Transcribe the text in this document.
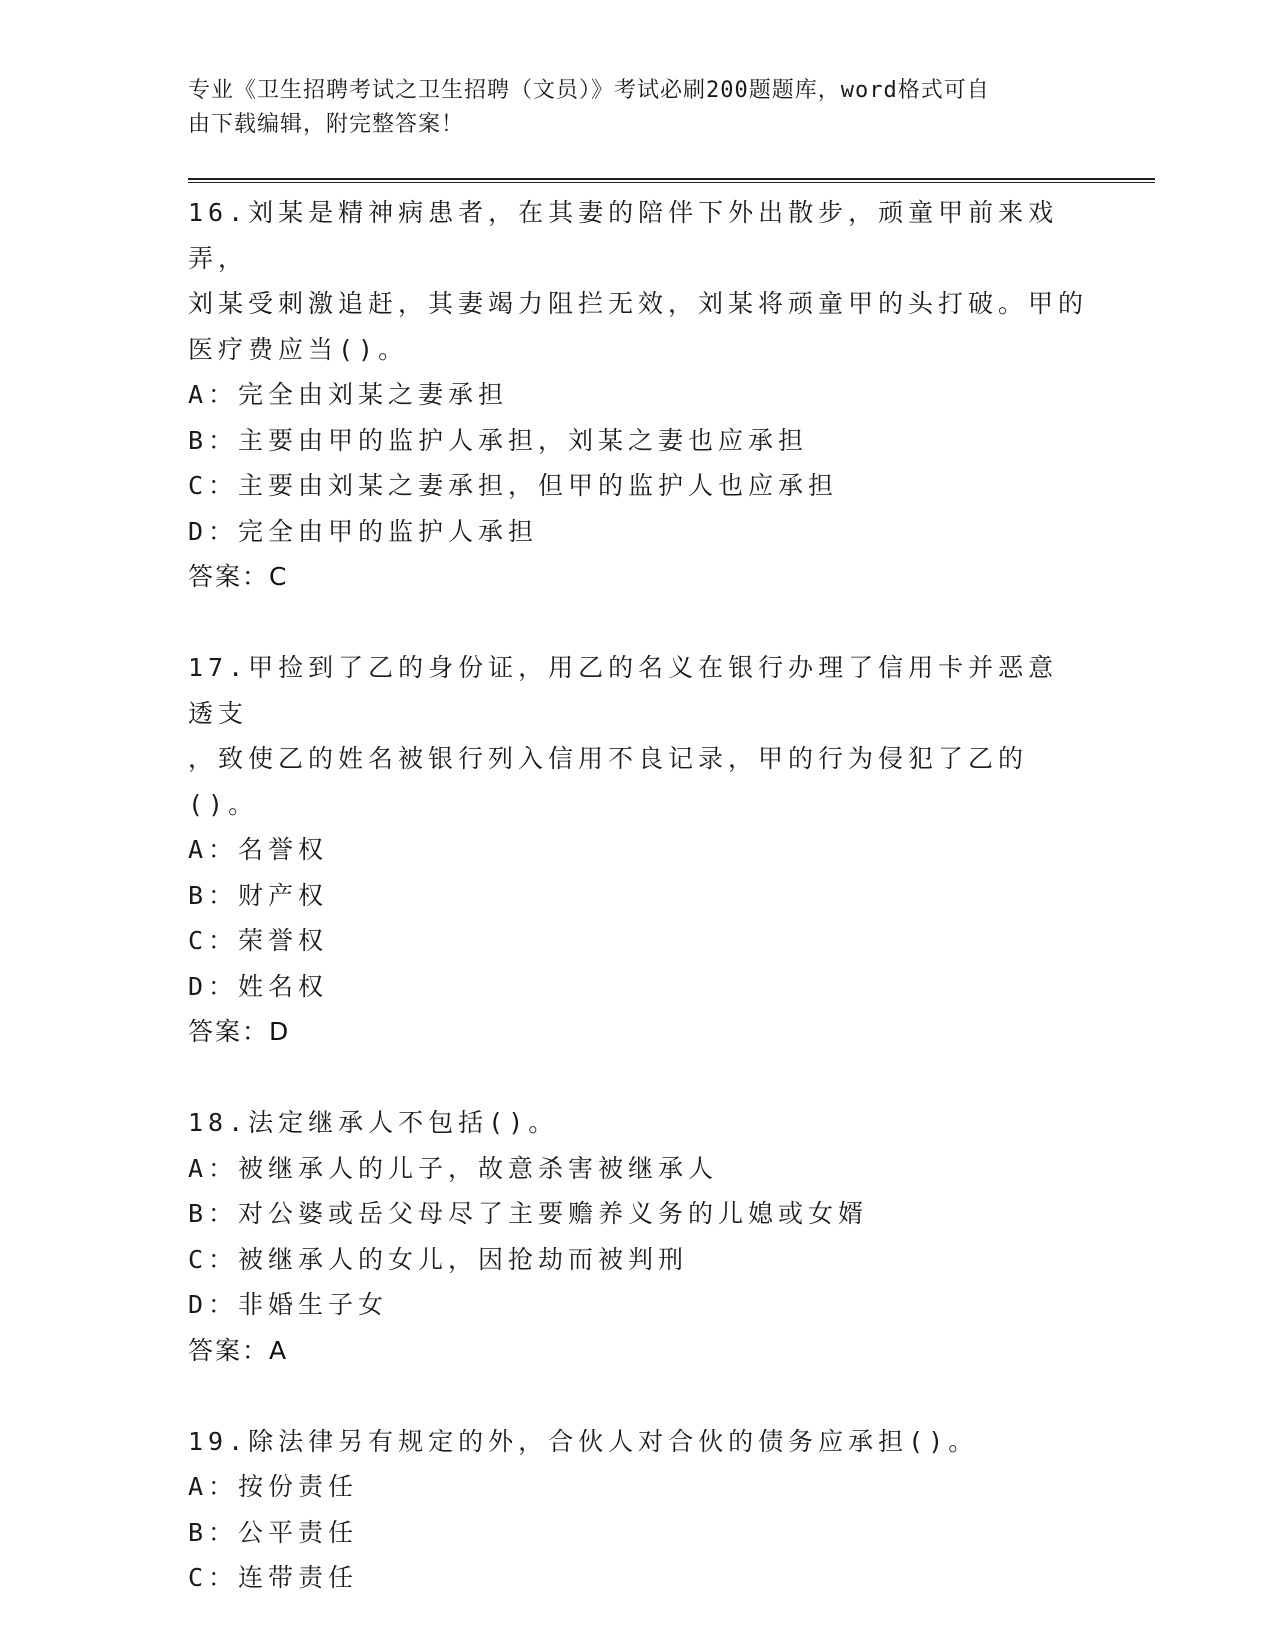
专业《卫生招聘考试之卫生招聘（文员）》考试必刷200题题库，word格式可自
由下载编辑，附完整答案！

16.刘某是精神病患者，在其妻的陪伴下外出散步，顽童甲前来戏弄，

刘某受刺激追赶，其妻竭力阻拦无效，刘某将顽童甲的头打破。甲的

医疗费应当()。

A：完全由刘某之妻承担

B：主要由甲的监护人承担，刘某之妻也应承担

C：主要由刘某之妻承担，但甲的监护人也应承担

D：完全由甲的监护人承担

答案：C

17.甲捡到了乙的身份证，用乙的名义在银行办理了信用卡并恶意透支

，致使乙的姓名被银行列入信用不良记录，甲的行为侵犯了乙的()。

A：名誉权

B：财产权

C：荣誉权

D：姓名权

答案：D

18.法定继承人不包括()。

A：被继承人的儿子，故意杀害被继承人

B：对公婆或岳父母尽了主要赡养义务的儿媳或女婿

C：被继承人的女儿，因抢劫而被判刑

D：非婚生子女

答案：A

19.除法律另有规定的外，合伙人对合伙的债务应承担()。

A：按份责任

B：公平责任

C：连带责任
